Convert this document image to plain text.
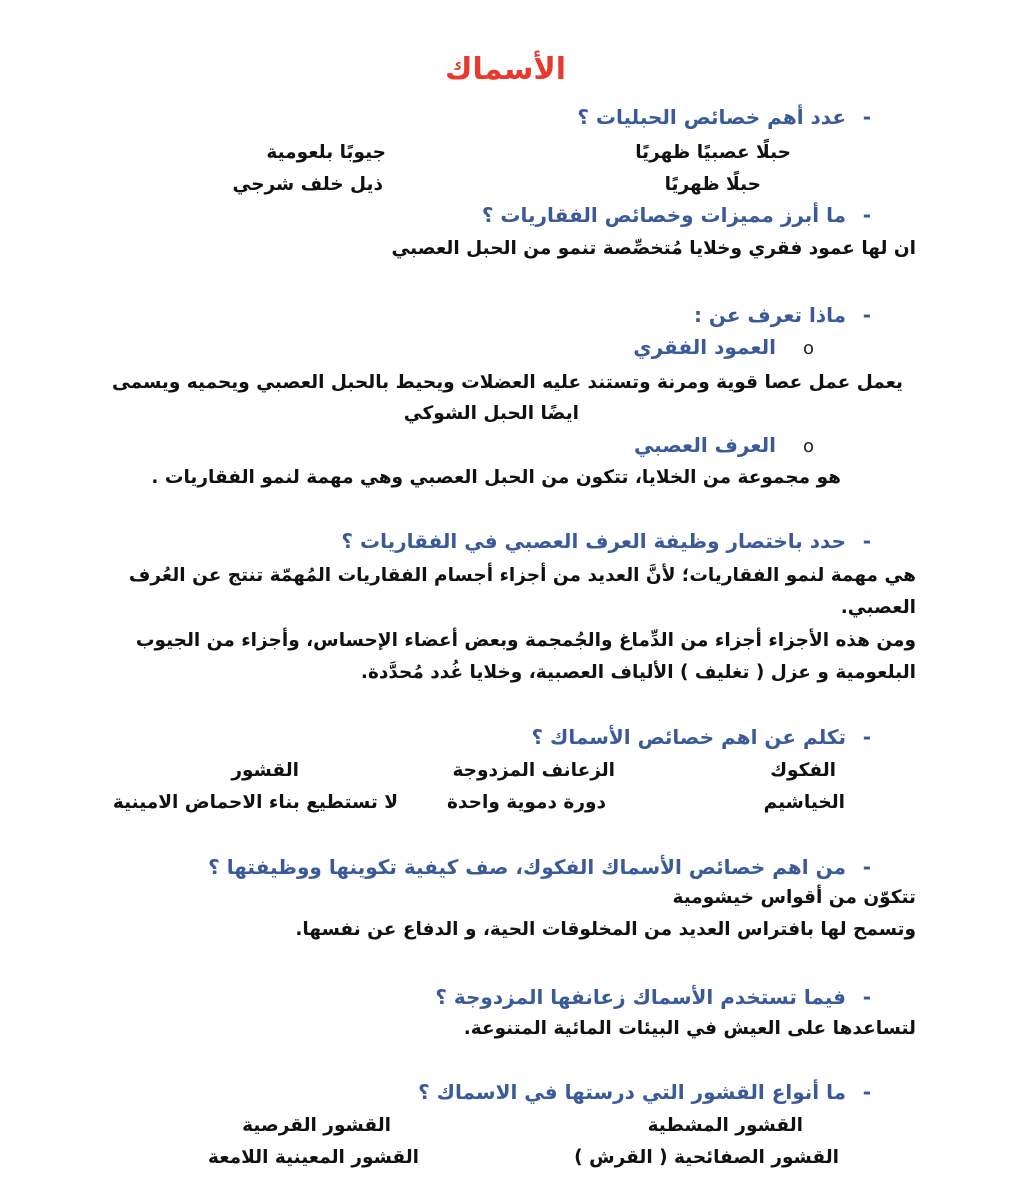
الأسماك
-
عدد أهم خصائص الحبليات ؟
حبلًا عصبيًا ظهريًا
جيوبًا بلعومية
حبلًا ظهريًا
ذيل خلف شرجي
-
ما أبرز مميزات وخصائص الفقاريات ؟
ان لها عمود فقري وخلايا مُتخصِّصة تنمو من الحبل العصبي
-
ماذا تعرف عن :
o
العمود الفقري
يعمل عمل عصا قوية ومرنة وتستند عليه العضلات ويحيط بالحبل العصبي ويحميه ويسمى
ايضًا الحبل الشوكي
o
العرف العصبي
هو مجموعة من الخلايا، تتكون من الحبل العصبي وهي مهمة لنمو الفقاريات .
-
حدد باختصار وظيفة العرف العصبي في الفقاريات ؟
هي مهمة لنمو الفقاريات؛ لأنَّ العديد من أجزاء أجسام الفقاريات المُهمّة تنتج عن العُرف
العصبي.
ومن هذه الأجزاء أجزاء من الدِّماغ والجُمجمة وبعض أعضاء الإحساس، وأجزاء من الجيوب
البلعومية و عزل ( تغليف ) الألياف العصبية، وخلايا غُدد مُحدَّدة.
-
تكلم عن اهم خصائص الأسماك ؟
الفكوك
الزعانف المزدوجة
القشور
الخياشيم
دورة دموية واحدة
لا تستطيع بناء الاحماض الامينية
-
من اهم خصائص الأسماك الفكوك، صف كيفية تكوينها ووظيفتها ؟
تتكوّن من أقواس خيشومية
وتسمح لها بافتراس العديد من المخلوقات الحية، و الدفاع عن نفسها.
-
فيما تستخدم الأسماك زعانفها المزدوجة ؟
لتساعدها على العيش في البيئات المائية المتنوعة.
-
ما أنواع القشور التي درستها في الاسماك ؟
القشور المشطية
القشور القرصية
القشور الصفائحية ( القرش )
القشور المعينية اللامعة
